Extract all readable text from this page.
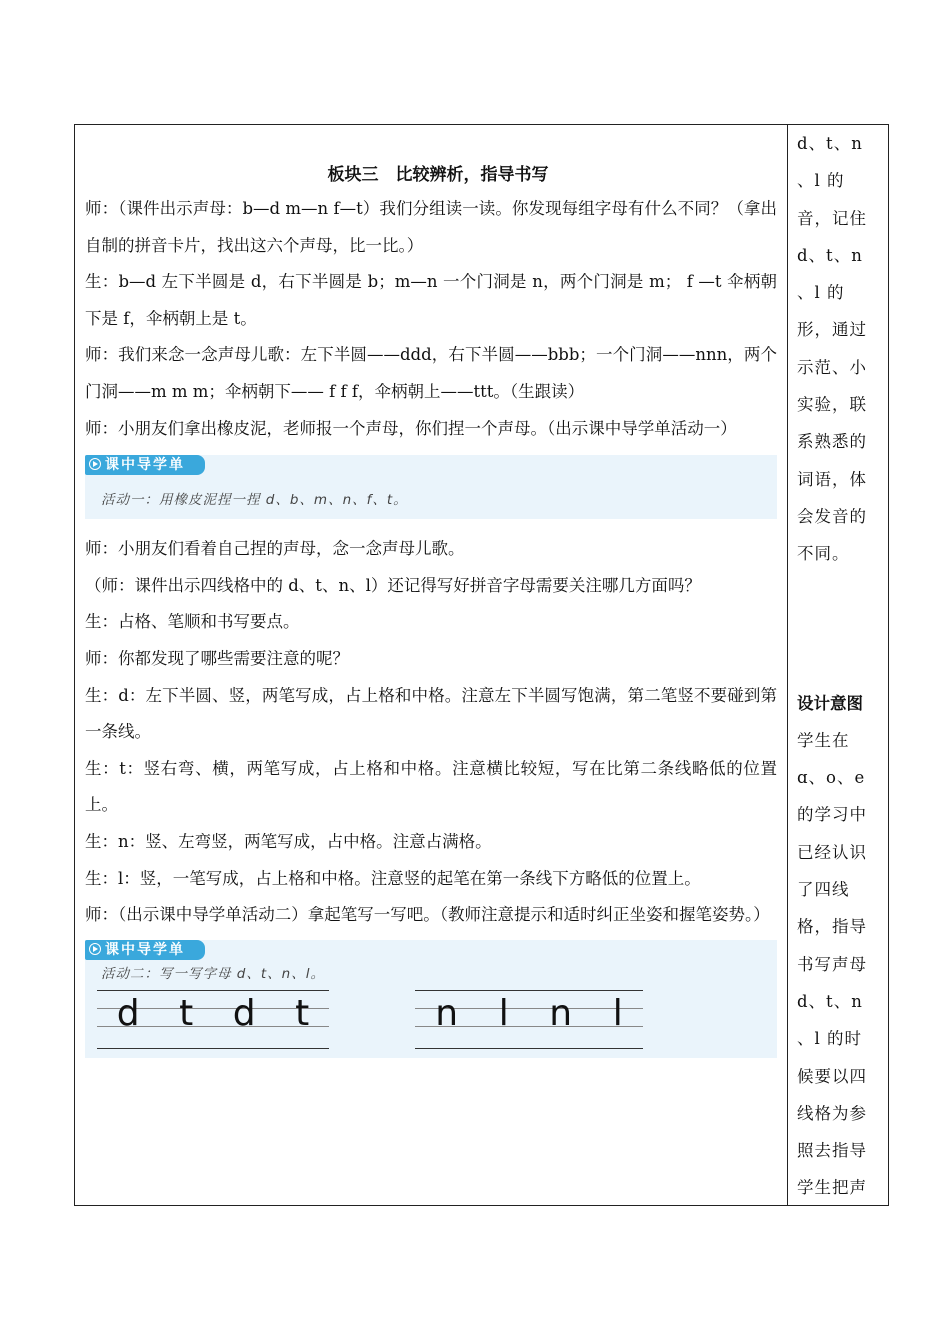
板块三　比较辨析，指导书写

师：（课件出示声母：b—d m—n f—t）我们分组读一读。你发现每组字母有什么不同？（拿出自制的拼音卡片，找出这六个声母，比一比。）

生：b—d 左下半圆是 d，右下半圆是 b；m—n 一个门洞是 n，两个门洞是 m； f —t 伞柄朝下是 f，伞柄朝上是 t。

师：我们来念一念声母儿歌：左下半圆——ddd，右下半圆——bbb；一个门洞——nnn，两个门洞——m m m；伞柄朝下—— f f f，伞柄朝上——ttt。（生跟读）

师：小朋友们拿出橡皮泥，老师报一个声母，你们捏一个声母。（出示课中导学单活动一）

课中导学单
活动一：用橡皮泥捏一捏 d、b、m、n、f、t。

师：小朋友们看着自己捏的声母，念一念声母儿歌。

（师：课件出示四线格中的 d、t、n、l）还记得写好拼音字母需要关注哪几方面吗？

生：占格、笔顺和书写要点。

师：你都发现了哪些需要注意的呢？

生：d：左下半圆、竖，两笔写成，占上格和中格。注意左下半圆写饱满，第二笔竖不要碰到第一条线。

生：t：竖右弯、横，两笔写成，占上格和中格。注意横比较短，写在比第二条线略低的位置上。

生：n：竖、左弯竖，两笔写成，占中格。注意占满格。

生：l：竖，一笔写成，占上格和中格。注意竖的起笔在第一条线下方略低的位置上。

师：（出示课中导学单活动二）拿起笔写一写吧。（教师注意提示和适时纠正坐姿和握笔姿势。）

课中导学单
活动二：写一写字母 d、t、n、l。
d t d t	n l n l

d、t、n

、l 的

音，记住

d、t、n

、l 的

形，通过

示范、小

实验，联

系熟悉的

词语，体

会发音的

不同。

设计意图

学生在

ɑ、o、e

的学习中

已经认识

了四线

格，指导

书写声母

d、t、n

、l 的时

候要以四

线格为参

照去指导

学生把声
